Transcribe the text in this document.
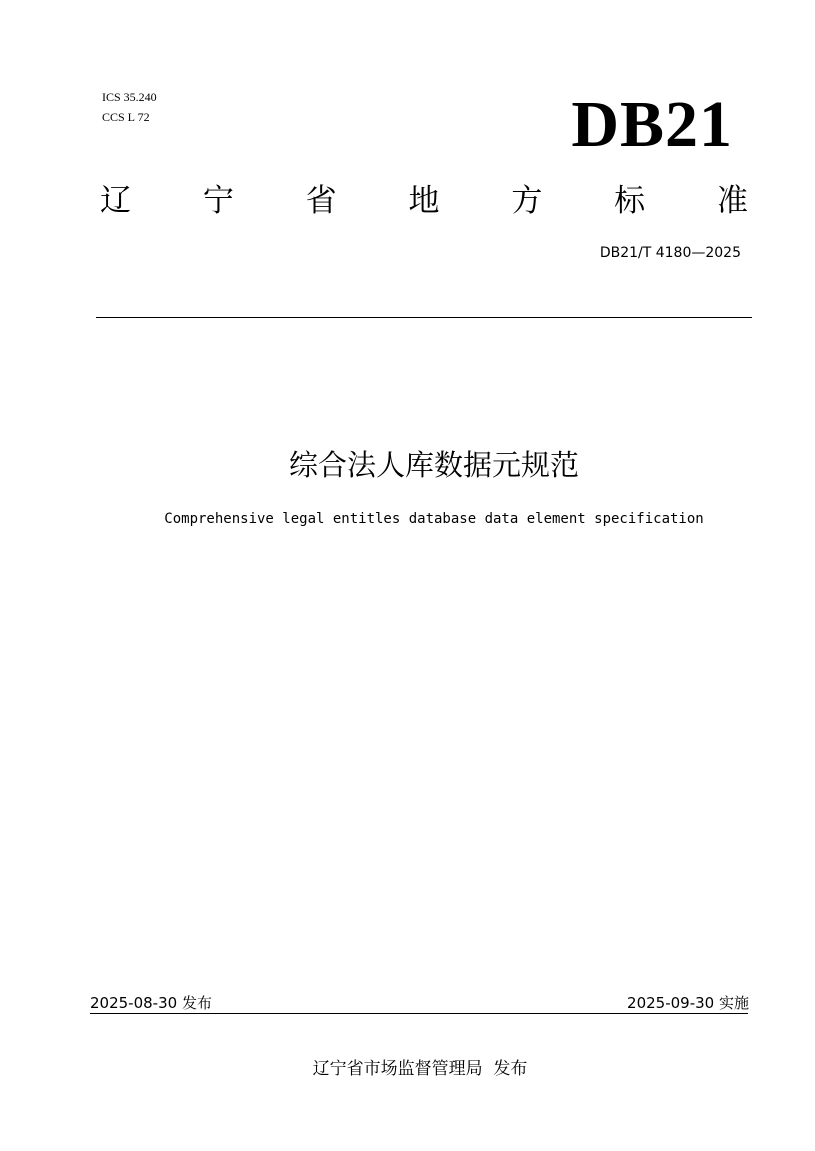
ICS 35.240
CCS L 72	DB21
辽 宁 省 地 方 标 准
DB21/T 4180—2025
综合法人库数据元规范
Comprehensive legal entitles database data element specification
2025-08-30 发布	2025-09-30 实施
辽宁省市场监督管理局  发布
